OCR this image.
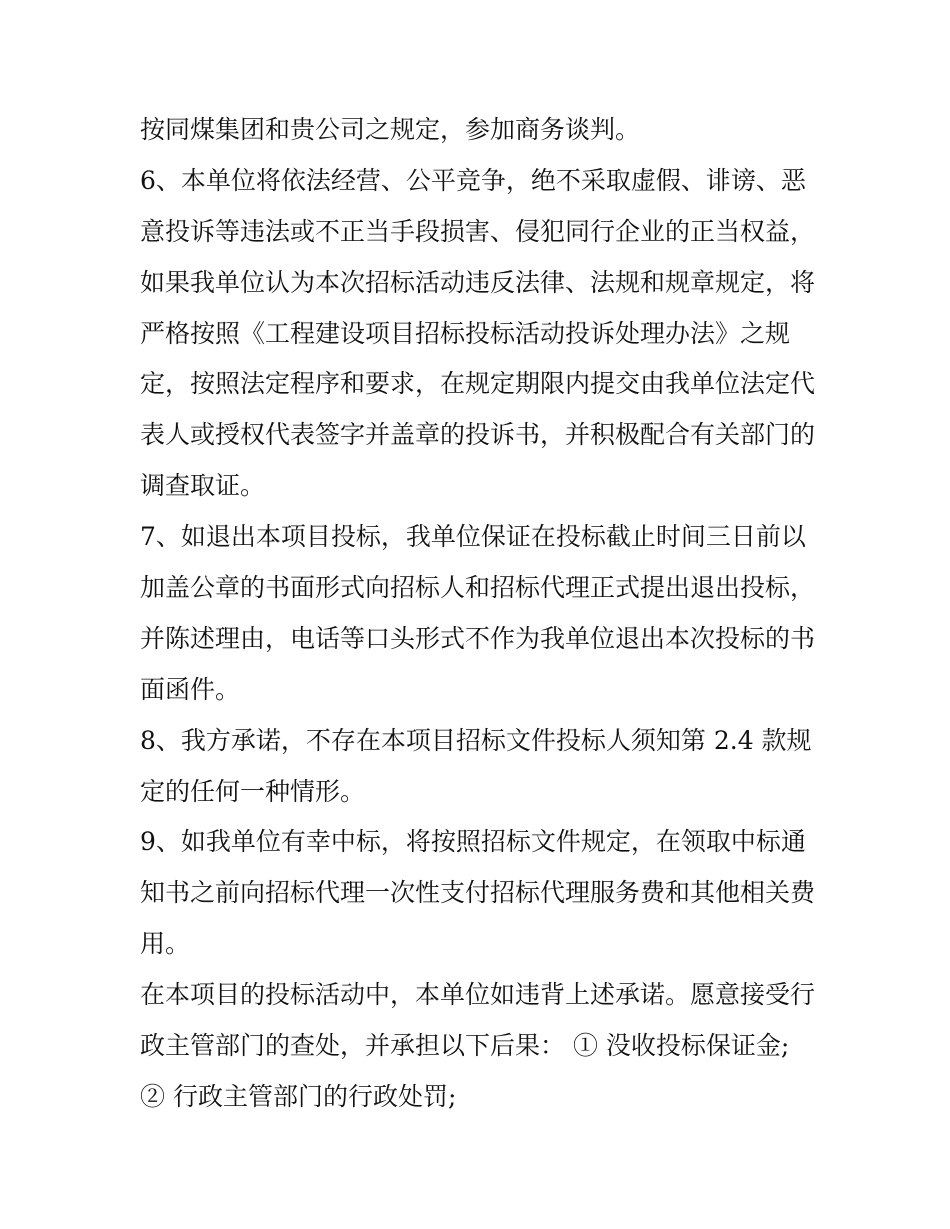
按同煤集团和贵公司之规定，参加商务谈判。
6、本单位将依法经营、公平竞争，绝不采取虚假、诽谤、恶
意投诉等违法或不正当手段损害、侵犯同行企业的正当权益，
如果我单位认为本次招标活动违反法律、法规和规章规定，将
严格按照《工程建设项目招标投标活动投诉处理办法》之规
定，按照法定程序和要求，在规定期限内提交由我单位法定代
表人或授权代表签字并盖章的投诉书，并积极配合有关部门的
调查取证。
7、如退出本项目投标，我单位保证在投标截止时间三日前以
加盖公章的书面形式向招标人和招标代理正式提出退出投标，
并陈述理由，电话等口头形式不作为我单位退出本次投标的书
面函件。
8、我方承诺，不存在本项目招标文件投标人须知第 2.4 款规
定的任何一种情形。
9、如我单位有幸中标，将按照招标文件规定，在领取中标通
知书之前向招标代理一次性支付招标代理服务费和其他相关费
用。
在本项目的投标活动中，本单位如违背上述承诺。愿意接受行
政主管部门的查处，并承担以下后果： ① 没收投标保证金;
② 行政主管部门的行政处罚;
